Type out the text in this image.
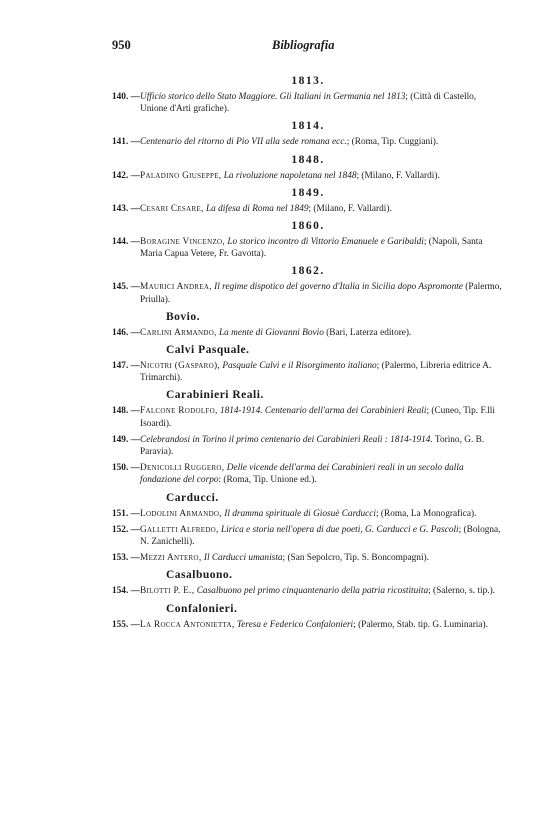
950	Bibliografia
1813.
140. — Ufficio storico dello Stato Maggiore. Gli Italiani in Germania nel 1813; (Città di Castello, Unione d'Arti grafiche).
1814.
141. — Centenario del ritorno di Pio VII alla sede romana ecc.; (Roma, Tip. Cuggiani).
1848.
142. — Paladino Giuseppe, La rivoluzione napoletana nel 1848; (Milano, F. Vallardi).
1849.
143. — Cesari Cesare, La difesa di Roma nel 1849; (Milano, F. Vallardi).
1860.
144. — Boragine Vincenzo, Lo storico incontro di Vittorio Emanuele e Garibaldi; (Napoli, Santa Maria Capua Vetere, Fr. Gavotta).
1862.
145. — Maurici Andrea, Il regime dispotico del governo d'Italia in Sicilia dopo Aspromonte (Palermo, Priulla).
Bovio.
146. — Carlini Armando, La mente di Giovanni Bovio (Bari, Laterza editore).
Calvi Pasquale.
147. — Nicotri (Gasparo), Pasquale Calvi e il Risorgimento italiano; (Palermo, Libreria editrice A. Trimarchi).
Carabinieri Reali.
148. — Falcone Rodolfo, 1814-1914. Centenario dell'arma dei Carabinieri Reali; (Cuneo, Tip. F.lli Isoardi).
149. — Celebrandosi in Torino il primo centenario dei Carabinieri Reali : 1814-1914. Torino, G. B. Paravia).
150. — Denicolli Ruggero, Delle vicende dell'arma dei Carabinieri reali in un secolo dalla fondazione del corpo: (Roma, Tip. Unione ed.).
Carducci.
151. — Lodolini Armando, Il dramma spirituale di Giosuè Carducci; (Roma, La Monografica).
152. — Galletti Alfredo, Lirica e storia nell'opera di due poeti, G. Carducci e G. Pascoli; (Bologna, N. Zanichelli).
153. — Mezzi Antero, Il Carducci umanista; (San Sepolcro, Tip. S. Boncompagni).
Casalbuono.
154. — Bilotti P. E., Casalbuono pel primo cinquantenario della patria ricostituita; (Salerno, s. tip.).
Confalonieri.
155. — La Rocca Antonietta, Teresa e Federico Confalonieri; (Palermo, Stab. tip. G. Luminaria).
